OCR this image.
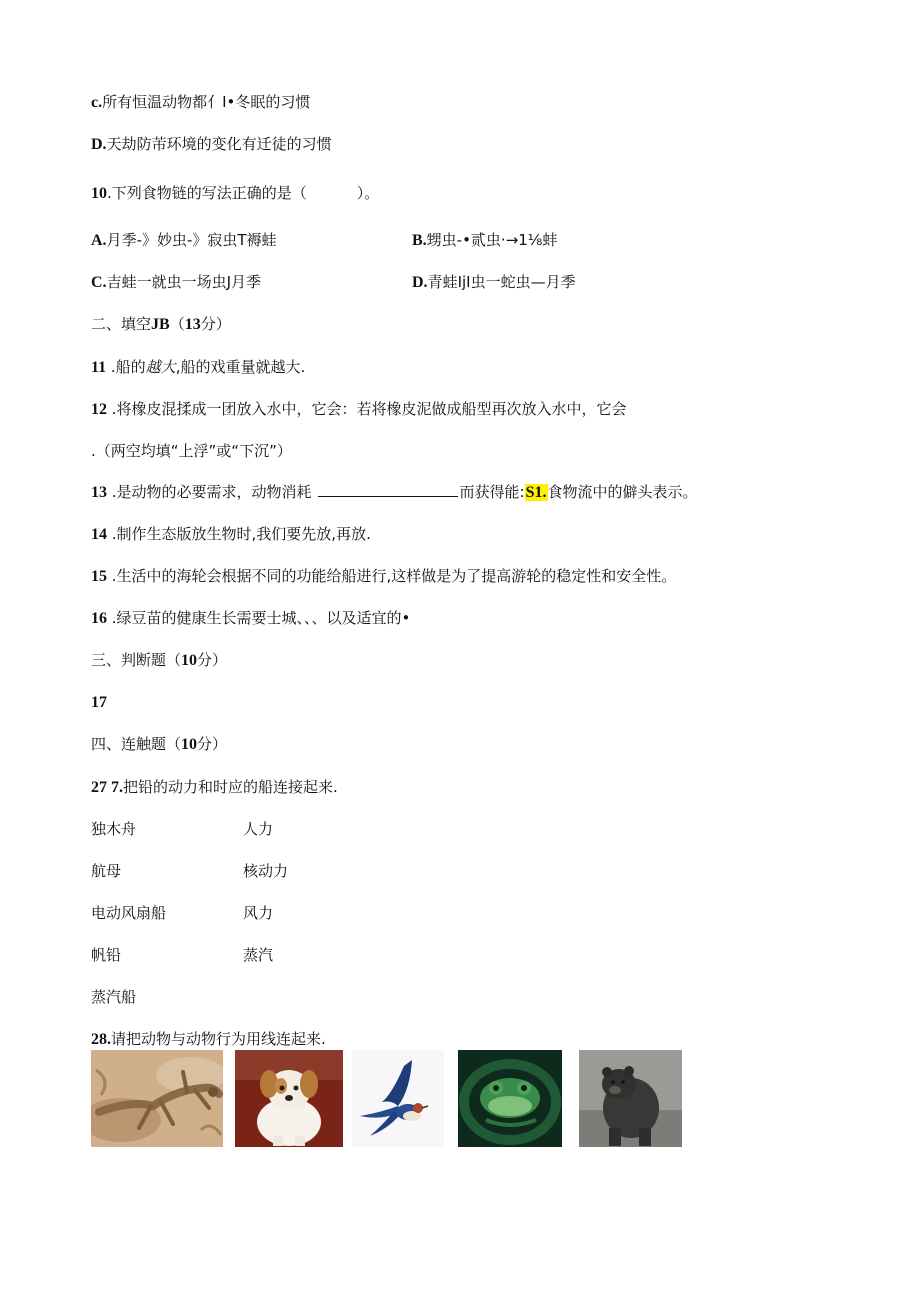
c.所有恒温动物都亻I•冬眠的习惯
D.天劫防芾环境的变化有迁徒的习惯
10.下列食物链的写法正确的是（	）。
A.月季-》妙虫-》寂虫T褥蛙	B.甥虫-•贰虫·→1⅛蚌
C.吉蛙一就虫一场虫J月季	D.青蛙IjI虫一蛇虫—月季
二、填空JB（13分）
11 .船的越大,船的戏重量就越大.
12 .将橡皮混揉成一团放入水中，它会：若将橡皮泥做成船型再次放入水中，它会
.（两空均填“上浮”或“下沉”）
13 .是动物的必要需求，动物消耗	而获得能:S1.食物流中的僻头表示。
14 .制作生态版放生物时,我们要先放,再放.
15 .生活中的海轮会根据不同的功能给船进行,这样做是为了提高游轮的稳定性和安全性。
16 .绿豆苗的健康生长需要士城、、、以及适宜的•
三、判断题（10分）
17
四、连触题（10分）
27 7.把铅的动力和时应的船连接起来.
独木舟	人力
航母	核动力
电动风扇船	风力
帆铅	蒸汽
蒸汽船
28.请把动物与动物行为用线连起来.
